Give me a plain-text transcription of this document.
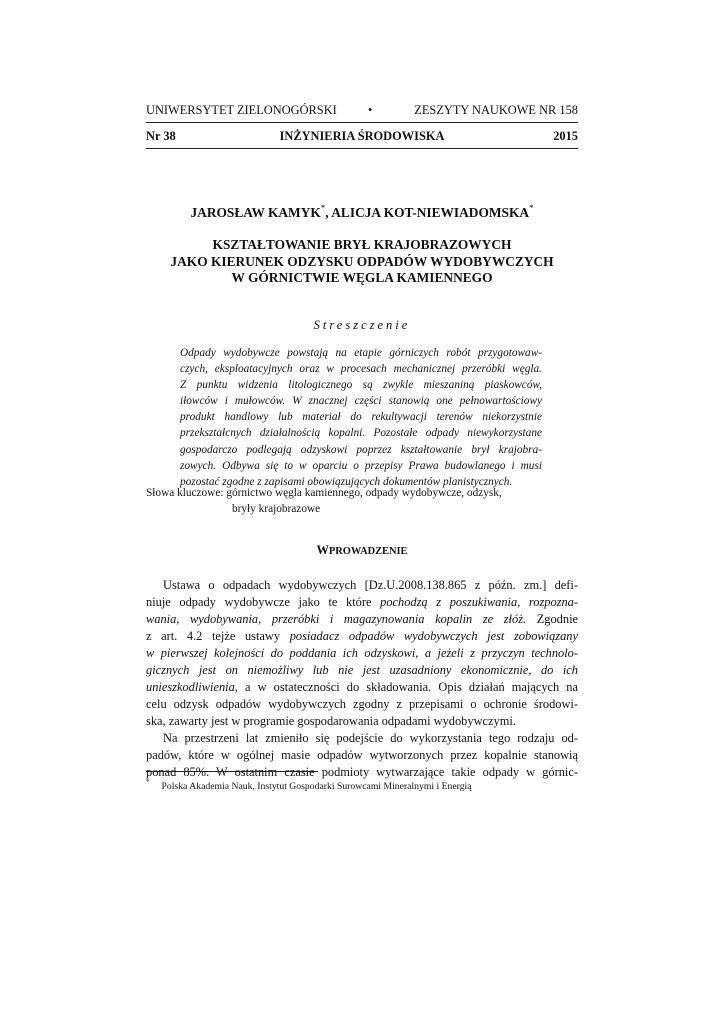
UNIWERSYTET ZIELONOGÓRSKI	•	ZESZYTY NAUKOWE NR 158
Nr 38	INŻYNIERIA ŚRODOWISKA	2015
JAROSŁAW KAMYK*, ALICJA KOT-NIEWIADOMSKA*
KSZTAŁTOWANIE BRYŁ KRAJOBRAZOWYCH
JAKO KIERUNEK ODZYSKU ODPADÓW WYDOBYWCZYCH
W GÓRNICTWIE WĘGLA KAMIENNEGO
Streszczenie
Odpady wydobywcze powstają na etapie górniczych robót przygotowaw-
czych, eksploatacyjnych oraz w procesach mechanicznej przeróbki węgla.
Z punktu widzenia litologicznego są zwykle mieszaniną piaskowców,
iłowców i mułowców. W znacznej części stanowią one pełnowartościowy
produkt handlowy lub materiał do rekultywacji terenów niekorzystnie
przekształcnych działalnością kopalni. Pozostałe odpady niewykorzystane
gospodarczo podlegają odzyskowi poprzez kształtowanie brył krajobra-
zowych. Odbywa się to w oparciu o przepisy Prawa budowlanego i musi
pozostać zgodne z zapisami obowiązujących dokumentów planistycznych.
Słowa kluczowe: górnictwo węgla kamiennego, odpady wydobywcze, odzysk,
bryły krajobrazowe
WPROWADZENIE
Ustawa o odpadach wydobywczych [Dz.U.2008.138.865 z późn. zm.] defi-
niuje odpady wydobywcze jako te które pochodzą z poszukiwania, rozpozna-
wania, wydobywania, przeróbki i magazynowania kopalin ze złóż. Zgodnie
z art. 4.2 tejże ustawy posiadacz odpadów wydobywczych jest zobowiązany
w pierwszej kolejności do poddania ich odzyskowi, a jeżeli z przyczyn technolo-
gicznych jest on niemożliwy lub nie jest uzasadniony ekonomicznie, do ich
unieszkodliwienia, a w ostateczności do składowania. Opis działań mających na
celu odzysk odpadów wydobywczych zgodny z przepisami o ochronie środowi-
ska, zawarty jest w programie gospodarowania odpadami wydobywczymi.
Na przestrzeni lat zmieniło się podejście do wykorzystania tego rodzaju od-
padów, które w ogólnej masie odpadów wytworzonych przez kopalnie stanowią
ponad 85%. W ostatnim czasie podmioty wytwarzające takie odpady w górnic-
* Polska Akademia Nauk, Instytut Gospodarki Surowcami Mineralnymi i Energią
